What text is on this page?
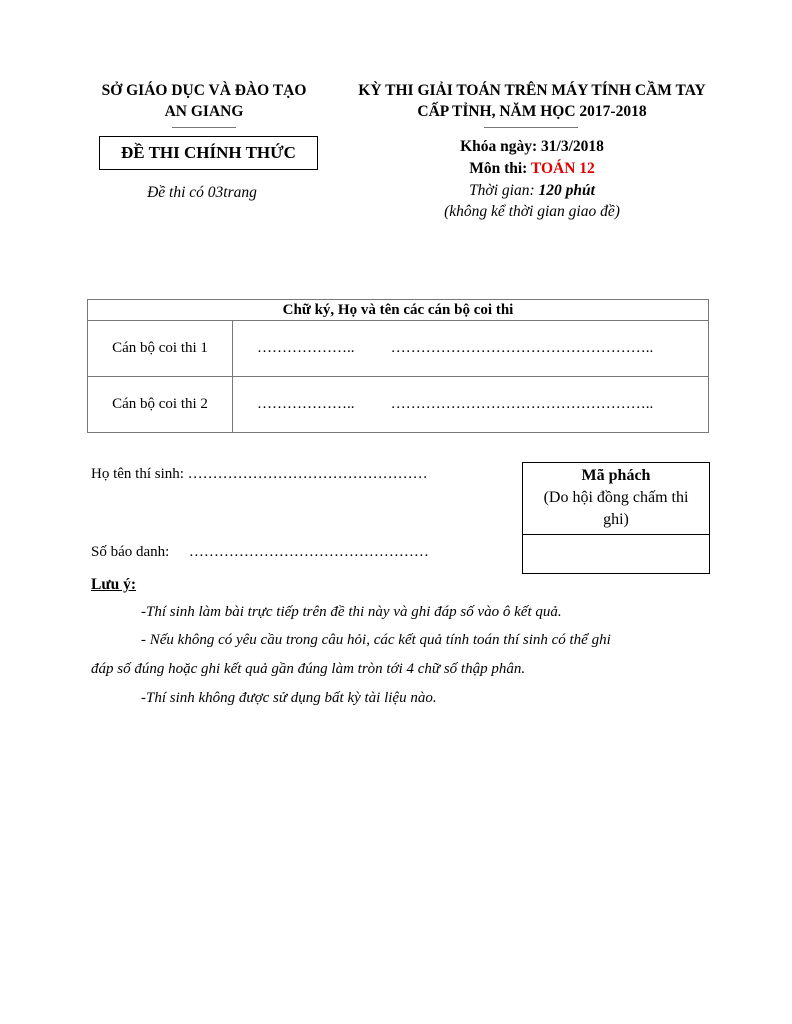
SỞ GIÁO DỤC VÀ ĐÀO TẠO
AN GIANG
ĐỀ THI CHÍNH THỨC
Đề thi có 03trang
KỲ THI GIẢI TOÁN TRÊN MÁY TÍNH CẦM TAY
CẤP TỈNH, NĂM HỌC 2017-2018
Khóa ngày: 31/3/2018
Môn thi: TOÁN 12
Thời gian: 120 phút
(không kể thời gian giao đề)
Chữ ký, Họ và tên các cán bộ coi thi	
Cán bộ coi thi 1	……………….. ……………………………………………..
Cán bộ coi thi 2	……………….. ……………………………………………..
Họ tên thí sinh: …………………………………………
Số báo danh: …………………………………………
Mã phách
(Do hội đồng chấm thi
ghi)
Lưu ý:
-Thí sinh làm bài trực tiếp trên đề thi này và ghi đáp số vào ô kết quả.
- Nếu không có yêu cầu trong câu hỏi, các kết quả tính toán thí sinh có thể ghi
đáp số đúng hoặc ghi kết quả gần đúng làm tròn tới 4 chữ số thập phân.
-Thí sinh không được sử dụng bất kỳ tài liệu nào.
